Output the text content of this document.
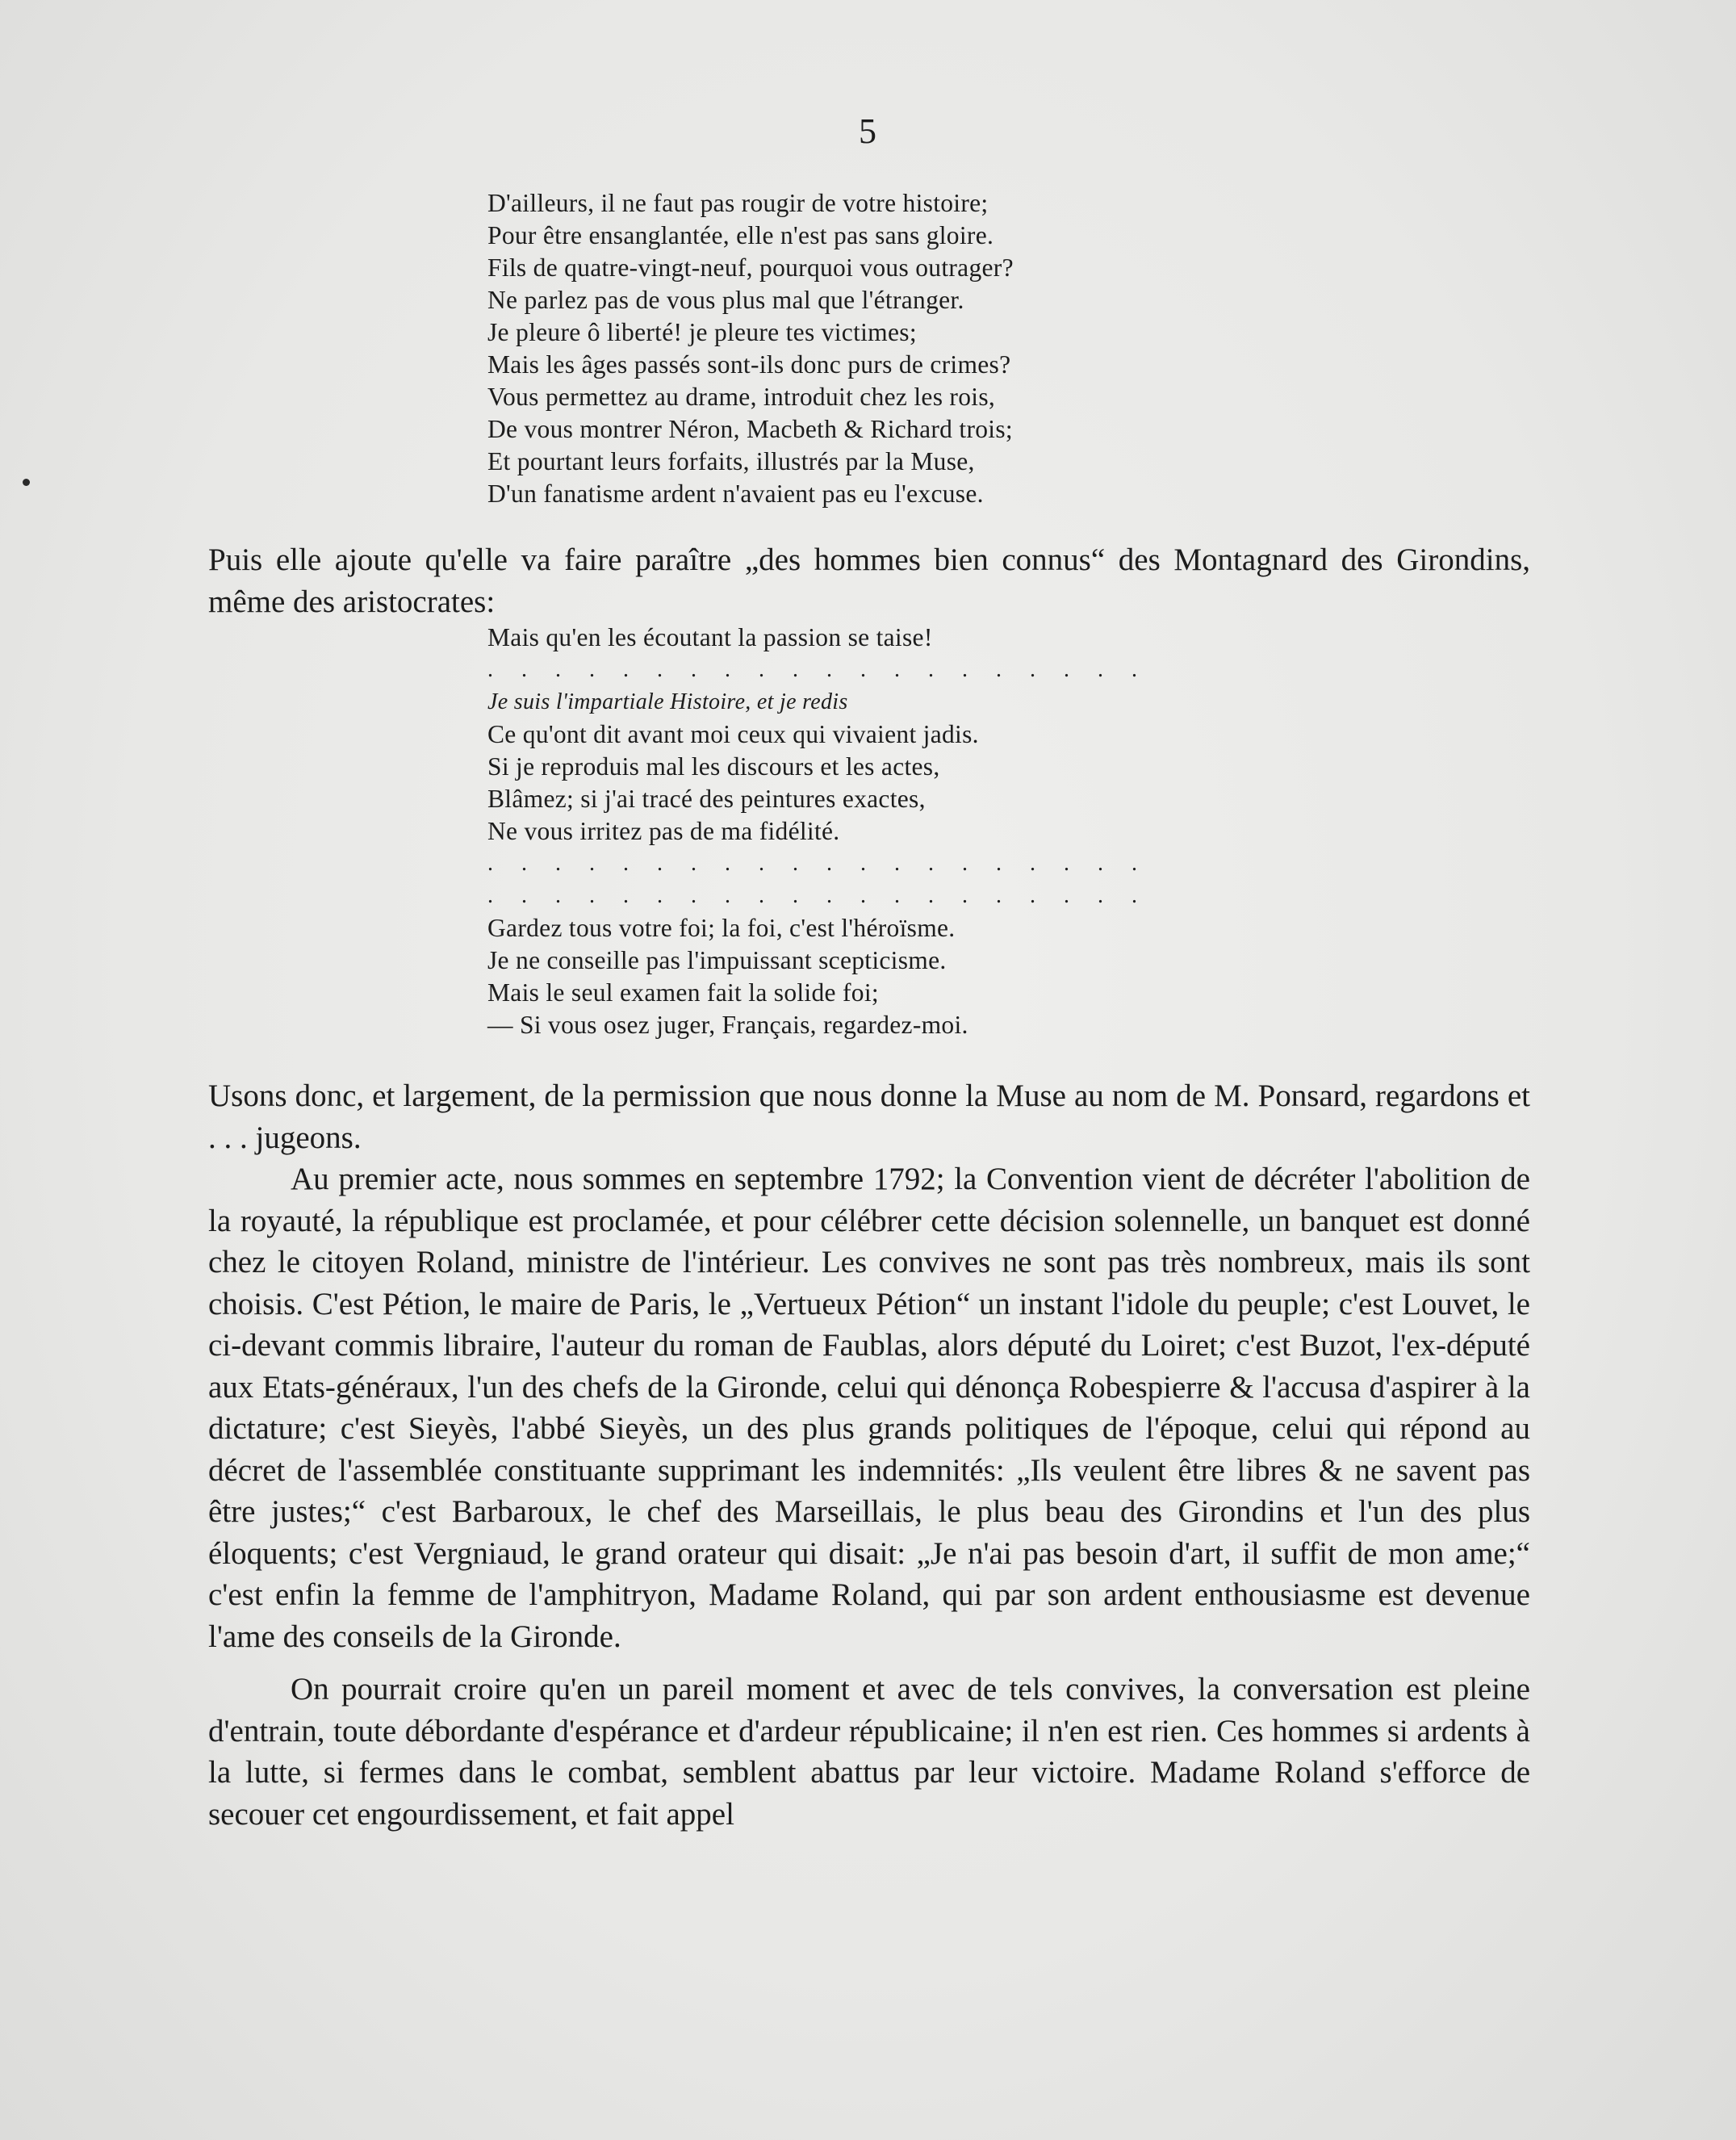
5
D'ailleurs, il ne faut pas rougir de votre histoire;
Pour être ensanglantée, elle n'est pas sans gloire.
Fils de quatre-vingt-neuf, pourquoi vous outrager?
Ne parlez pas de vous plus mal que l'étranger.
Je pleure ô liberté! je pleure tes victimes;
Mais les âges passés sont-ils donc purs de crimes?
Vous permettez au drame, introduit chez les rois,
De vous montrer Néron, Macbeth & Richard trois;
Et pourtant leurs forfaits, illustrés par la Muse,
D'un fanatisme ardent n'avaient pas eu l'excuse.

Puis elle ajoute qu'elle va faire paraître „des hommes bien connus“ des Montagnard des Girondins, même des aristocrates:

Mais qu'en les écoutant la passion se taise!
. . . . . . . . . . . . . . . . . . . .
Je suis l'impartiale Histoire, et je redis
Ce qu'ont dit avant moi ceux qui vivaient jadis.
Si je reproduis mal les discours et les actes,
Blâmez; si j'ai tracé des peintures exactes,
Ne vous irritez pas de ma fidélité.
. . . . . . . . . . . . . . . . . . . .
. . . . . . . . . . . . . . . . . . . .
Gardez tous votre foi; la foi, c'est l'héroïsme.
Je ne conseille pas l'impuissant scepticisme.
Mais le seul examen fait la solide foi;
— Si vous osez juger, Français, regardez-moi.

Usons donc, et largement, de la permission que nous donne la Muse au nom de M. Ponsard, regardons et . . . jugeons.

Au premier acte, nous sommes en septembre 1792; la Convention vient de décréter l'abolition de la royauté, la république est proclamée, et pour célébrer cette décision solennelle, un banquet est donné chez le citoyen Roland, ministre de l'intérieur. Les convives ne sont pas très nombreux, mais ils sont choisis. C'est Pétion, le maire de Paris, le „Vertueux Pétion“ un instant l'idole du peuple; c'est Louvet, le ci-devant commis libraire, l'auteur du roman de Faublas, alors député du Loiret; c'est Buzot, l'ex-député aux Etats-généraux, l'un des chefs de la Gironde, celui qui dénonça Robespierre & l'accusa d'aspirer à la dictature; c'est Sieyès, l'abbé Sieyès, un des plus grands politiques de l'époque, celui qui répond au décret de l'assemblée constituante supprimant les indemnités: „Ils veulent être libres & ne savent pas être justes;“ c'est Barbaroux, le chef des Marseillais, le plus beau des Girondins et l'un des plus éloquents; c'est Vergniaud, le grand orateur qui disait: „Je n'ai pas besoin d'art, il suffit de mon ame;“ c'est enfin la femme de l'amphitryon, Madame Roland, qui par son ardent enthousiasme est devenue l'ame des conseils de la Gironde.

On pourrait croire qu'en un pareil moment et avec de tels convives, la conversation est pleine d'entrain, toute débordante d'espérance et d'ardeur républicaine; il n'en est rien. Ces hommes si ardents à la lutte, si fermes dans le combat, semblent abattus par leur victoire. Madame Roland s'efforce de secouer cet engourdissement, et fait appel
